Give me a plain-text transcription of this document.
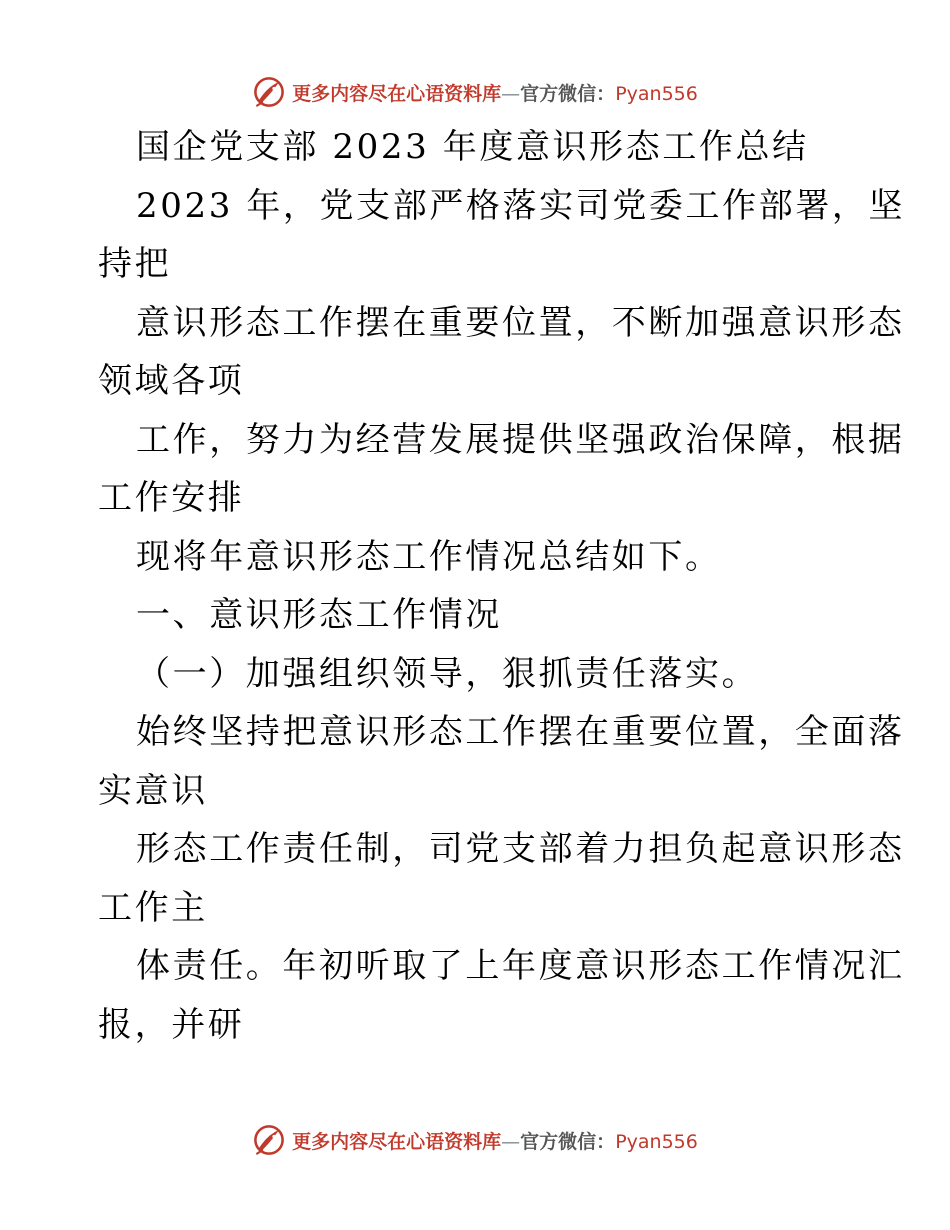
更多内容尽在心语资料库—官方微信：Pyan556
国企党支部 2023 年度意识形态工作总结
2023 年，党支部严格落实司党委工作部署，坚
持把
意识形态工作摆在重要位置，不断加强意识形态
领域各项
工作，努力为经营发展提供坚强政治保障，根据
工作安排
现将年意识形态工作情况总结如下。
一、意识形态工作情况
（一）加强组织领导，狠抓责任落实。
始终坚持把意识形态工作摆在重要位置，全面落
实意识
形态工作责任制，司党支部着力担负起意识形态
工作主
体责任。年初听取了上年度意识形态工作情况汇
报，并研
更多内容尽在心语资料库—官方微信：Pyan556
